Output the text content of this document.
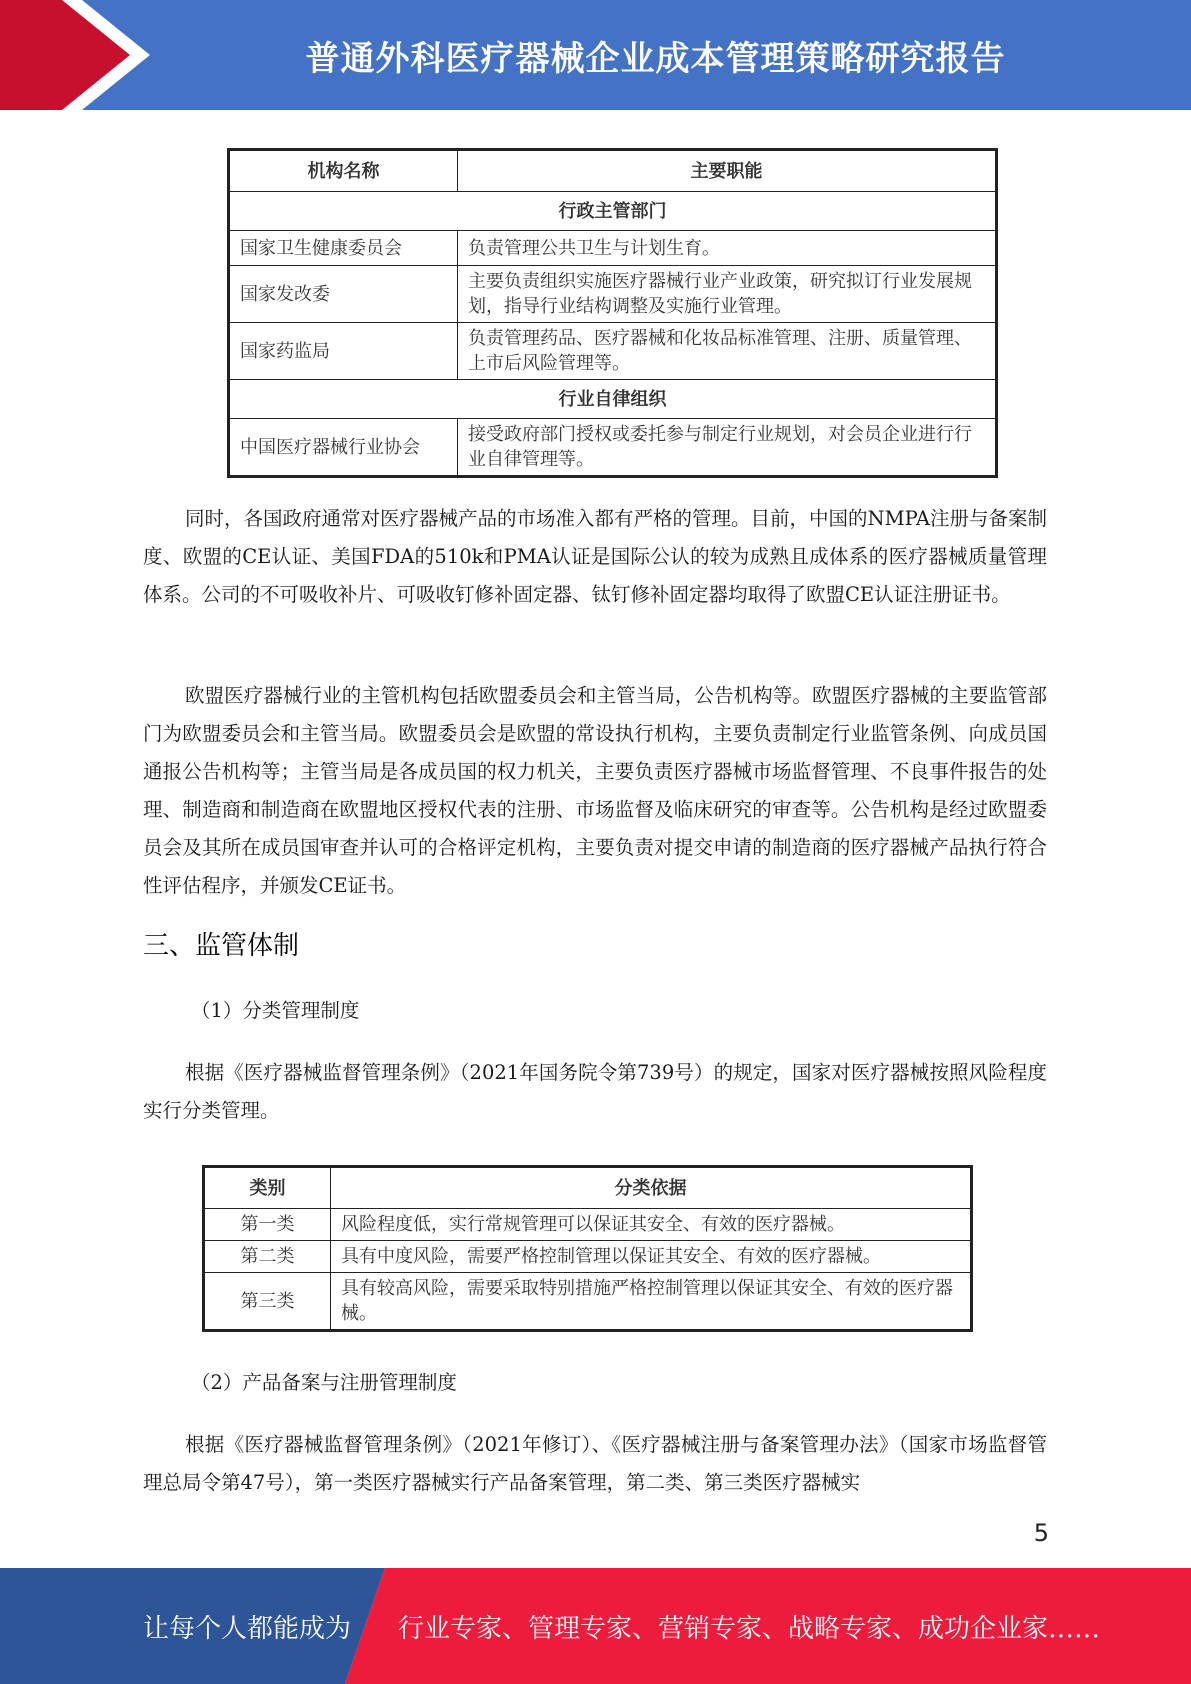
普通外科医疗器械企业成本管理策略研究报告
机构名称	主要职能
行政主管部门	
国家卫生健康委员会	负责管理公共卫生与计划生育。
国家发改委	主要负责组织实施医疗器械行业产业政策，研究拟订行业发展规划，指导行业结构调整及实施行业管理。
国家药监局	负责管理药品、医疗器械和化妆品标准管理、注册、质量管理、上市后风险管理等。
行业自律组织	
中国医疗器械行业协会	接受政府部门授权或委托参与制定行业规划，对会员企业进行行业自律管理等。

同时，各国政府通常对医疗器械产品的市场准入都有严格的管理。目前，中国的NMPA注册与备案制度、欧盟的CE认证、美国FDA的510k和PMA认证是国际公认的较为成熟且成体系的医疗器械质量管理体系。公司的不可吸收补片、可吸收钉修补固定器、钛钉修补固定器均取得了欧盟CE认证注册证书。

欧盟医疗器械行业的主管机构包括欧盟委员会和主管当局，公告机构等。欧盟医疗器械的主要监管部门为欧盟委员会和主管当局。欧盟委员会是欧盟的常设执行机构，主要负责制定行业监管条例、向成员国通报公告机构等；主管当局是各成员国的权力机关，主要负责医疗器械市场监督管理、不良事件报告的处理、制造商和制造商在欧盟地区授权代表的注册、市场监督及临床研究的审查等。公告机构是经过欧盟委员会及其所在成员国审查并认可的合格评定机构，主要负责对提交申请的制造商的医疗器械产品执行符合性评估程序，并颁发CE证书。

三、监管体制

（1）分类管理制度

根据《医疗器械监督管理条例》（2021年国务院令第739号）的规定，国家对医疗器械按照风险程度实行分类管理。

类别	分类依据
第一类	风险程度低，实行常规管理可以保证其安全、有效的医疗器械。
第二类	具有中度风险，需要严格控制管理以保证其安全、有效的医疗器械。
第三类	具有较高风险，需要采取特别措施严格控制管理以保证其安全、有效的医疗器械。

（2）产品备案与注册管理制度

根据《医疗器械监督管理条例》（2021年修订）、《医疗器械注册与备案管理办法》（国家市场监督管理总局令第47号），第一类医疗器械实行产品备案管理，第二类、第三类医疗器械实

5
让每个人都能成为 行业专家、管理专家、营销专家、战略专家、成功企业家……
